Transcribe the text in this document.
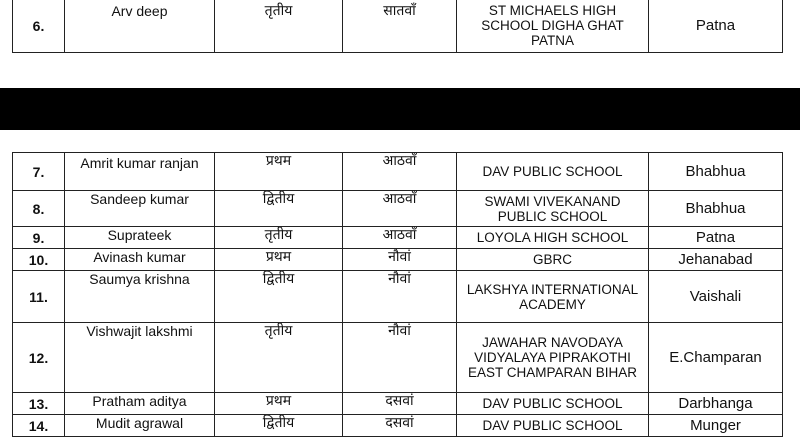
6.	Arv deep	तृतीय	सातवाँ	ST MICHAELS HIGH SCHOOL DIGHA GHAT PATNA	Patna
7.	Amrit kumar ranjan	प्रथम	आठवाँ	DAV PUBLIC SCHOOL	Bhabhua
8.	Sandeep kumar	द्वितीय	आठवाँ	SWAMI VIVEKANAND PUBLIC SCHOOL	Bhabhua
9.	Suprateek	तृतीय	आठवाँ	LOYOLA HIGH SCHOOL	Patna
10.	Avinash kumar	प्रथम	नौवां	GBRC	Jehanabad
11.	Saumya krishna	द्वितीय	नौवां	LAKSHYA INTERNATIONAL ACADEMY	Vaishali
12.	Vishwajit lakshmi	तृतीय	नौवां	JAWAHAR NAVODAYA VIDYALAYA PIPRAKOTHI EAST CHAMPARAN BIHAR	E.Champaran
13.	Pratham aditya	प्रथम	दसवां	DAV PUBLIC SCHOOL	Darbhanga
14.	Mudit agrawal	द्वितीय	दसवां	DAV PUBLIC SCHOOL	Munger
